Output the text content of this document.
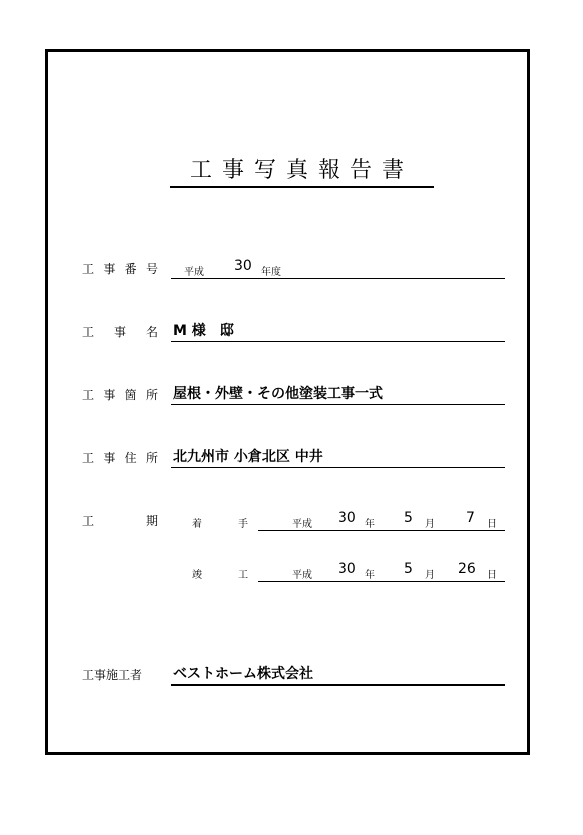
工事写真報告書
工 事 番 号	平成 30 年度
工 事 名 M 様　邸
工 事 箇 所 屋根・外壁・その他塗装工事一式
工 事 住 所 北九州市 小倉北区 中井
工	期	着	手	平成 30 年 5 月 7 日
竣	工	平成 30 年 5 月 26 日
工事施工者 ベストホーム株式会社
